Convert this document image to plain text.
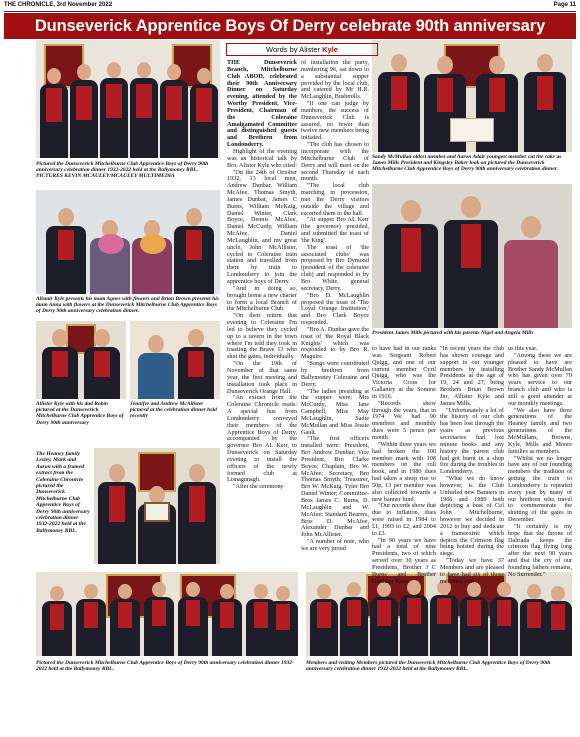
THE CHRONICLE, 3rd November 2022	Page 11
Dunseverick Apprentice Boys Of Derry celebrate 90th anniversary
Pictured the Dunseverick Mitchelburne Club Apprentice Boys of Derry 90th anniversary celebration dinner 1932-2022 held at the Ballymoney RBL. PICTURES KEVIN MCAULEY/MCAULEY MULTIMEDIA
Alistair Kyle presents his mum Agnes with flowers and Brian Brown presents his mum Anna with flowers at the Dunseverick Mitchelburne Club Apprentice Boys of Derry 90th anniversary celebration dinner.
Allister Kyle with his dad Robin pictured at the Dunseverick Mitchelburne Club Apprentice Boys of Derry 90th anniversary
Jennifer and Andrew McAllister pictured at the celebration dinner held recently
The Heaney family Lesley, Mark and Aaron with a framed extract from the Coleraine Chronicle pictured the Dunseverick Mitchelburne Club Apprentice Boys of Derry 90th anniversary celebration dinner 1932-2022 held at the Ballymoney RBL.
Pictured the Dunseverick Mitchelburne Club Apprentice Boys of Derry 90th anniversary celebration dinner 1932-2022 held at the Ballymoney RBL.
Members and visiting Members pictured the Dunseverick Mitchelburne Club Apprentice Boys of Derry 90th anniversary celebration dinner 1932-2022 held at the Ballymoney RBL.
Sandy McMullan oldest member and Aaron Adair youngest member cut the cake as James Mills President and Kingsley Baker look on pictured the Dunseverick Mitchelburne Club Apprentice Boys of Derry 90th anniversary celebration dinner.
President James Mills pictured with his parents Nigel and Angela Mills
Words by Alister Kyle

THE Dunseverick Branch, Mitchelburne Club ABOD, celebrated their 90th Anniversary Dinner on Saturday evening, attended by the Worthy President, Vice-President, Chairman of the Coleraine Amalgamated Committee and distinguished guests and Brethren from Londonderry.

Highlight of the evening was an historical talk by Bro. Alister Kyle who cited:

"On the 24th of October 1932, 13 local men, Andrew Dunbar, William McAfee, Thomas Smyth, James Dunbar, James C Burns, William McKaig, Daniel Winter, Clark Boyce, Dennis McAfee, Daniel McCurdy, William McAfee, Daniel McLaughlin, and my great uncle, John McAllister, cycled to Coleraine train station and travelled from there by train to Londonderry to join the apprentice boys of Derry.

"And in doing so, brought home a new charter to form a local Branch of the Mitchelburne Club.

"On their return that evening to Coleraine I'm led to believe they cycled up to a tavern in the town where I'm told they took in toasting the Brave 13 who shut the gates, individually.

"On the 19th of November of that same year, the first meeting and installation took place in Dunseverick Orange Hall.

"An extract from the Coleraine Chronicle reads: A special bus from Londonderry conveyed their members of the Apprentice Boys of Derry, accompanied by the governor Bro AL Kerr, to Dunseverick on Saturday evening to install the officers of the newly formed club at Lisnagunagh.

"After the ceremony

of installation the party, numbering 96, sat down to a substantial supper provided by the local club, and catered by Mr H.R. McLaughlin, Bushmills.

"If one can judge by numbers, the success of Dunseverick Club is assured, no fewer than twelve new members being initiated.

"The club has chosen to incorporate with the Mitchelburne Club of Derry and will meet on the second Thursday of each month.

"The local club marching in procession, met the Derry visitors outside the village and escorted them to the hall.

"At supper Bro AL Kerr (the governor) presided, and submitted the toast of 'the King'.

The toast of 'the associated clubs' was proposed by Bro Dymond (president of the coleraine club) and responded to by Bro White, general secretary, Derry.

"Bro D. McLaughlin proposed the toast of 'The Loyal Orange Institution,' and Bro Clark Boyce responded.

"Bro A. Dunbar gave the toast of 'the Royal Black Knights' which was responded to by Bro R. Maguire.

"Songs were contributed by brethren from Ballymoney Coleraine and Derry.

"The ladies presiding at the supper were: Mrs McCurdy, Miss Jane Campbell, Miss May McLaughlin, Sadie McMullan and Miss Jessie Gault.

"The first officers installed were: President, Bro Andrew Dunbar; Vice President, Bro Clarke Boyce; Chaplain, Bro W. McAfee; Secretary, Bro Thomas Smyth; Treasurer, Bro W. McKaig. Tyler Bro Daniel Winter; Committee- Bros James C. Burns, D. McLaughlin and W. McAfee; Standard Bearers, Bros D. McAfee, Alexander Dunbar and John McAllister.

"A number of note, who we are very proud

to have had in our ranks was Sergeant Robert Quigg, and one of our current member Cyril Quigg, who was the Victoria Cross for Gallantry at the Somme in 1916.

"Records show through the years, that in 1974 We had 90 members and monthly dues were 5 pence per month.

"Within three years we had broken the 100 member mark with 108 members on the roll book, and in 1980 dues had taken a steep rise to 50p, 13 per member was also collected towards a new banner fund.

"Our records show that due to inflation, dues were raised in 1984 to £1, 1993 to £2, and 2004 to £3.

"In 90 years we have had a total of nine Presidents, two of which served over 30 years as Presidents, Brother J C Burns and Brother Gardiner Kane.

"In recent years the club has shown courage and support to our younger members by installing Presidents at the age of 19, 24 and 27, being Brothers Brian Brown Jnr, Allister Kyle and James Mills.

"Unfortunately a lot of the history of our club has been lost through the years as previous secretaries had lost minute books and any history the parent club had got burnt in a shop fire during the troubles in Londonderry.

"What we do know however, is the Club Unfurled new Banners in 1966 and 1989 both depicting a bust of Col John Mitchelburne, however we decided in 2012 to buy and dedicate a frameextric which depicts the Crimson flag being hoisted during the siege.

"Today we have 37 Members and are pleased to have had six of those members join

us this year.

"Among these we are pleased to have are Brother Sandy McMullan who has given over 70 years service to our branch club and who is still a good attender at our monthly meetings.

"We also have three generations of the Heaney family and two generations of the McMullans, Browns, Kyle, Mills and Moore families as members.

"Whilst we no longer have any of our founding members the tradition of getting the train to Londonderry is repeated every year by many of our brethren who travel to commemorate the shutting of the gates in December.

"It certainly is my hope that the throne of Dalriada keeps the crimson flag flying long after the next 90 years and that the cry of our founding fathers remains, No Surrender."
